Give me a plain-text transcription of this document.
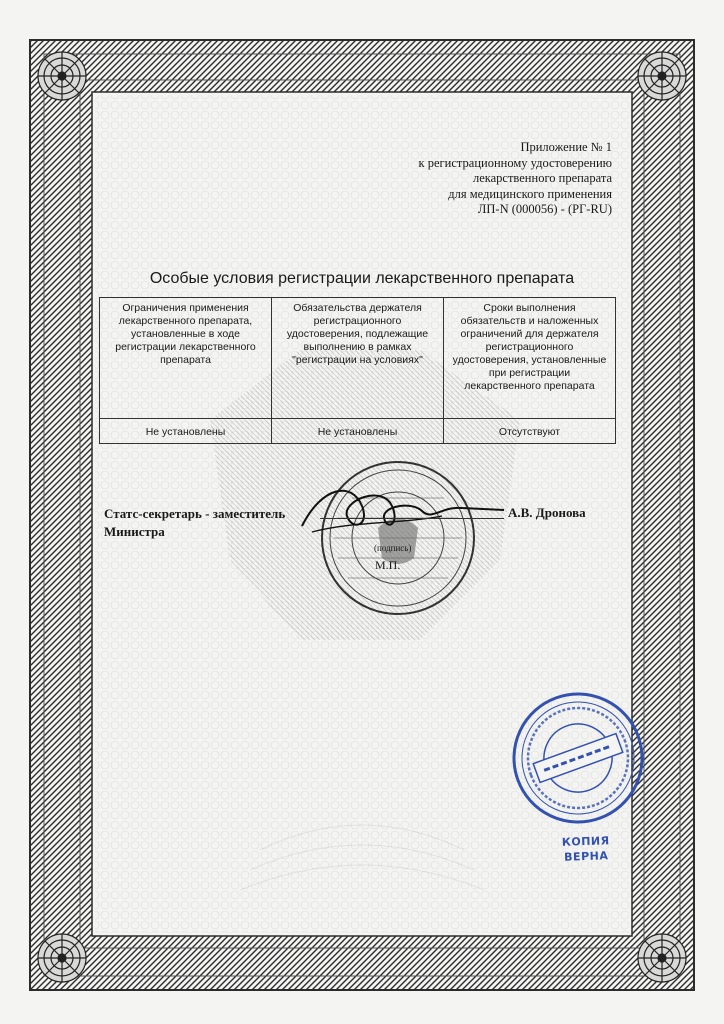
Приложение № 1
к регистрационному удостоверению
лекарственного препарата
для медицинского применения
ЛП-N (000056) - (РГ-RU)
Особые условия регистрации лекарственного препарата
Ограничения применения лекарственного препарата, установленные в ходе регистрации лекарственного препарата	Обязательства держателя регистрационного удостоверения, подлежащие выполнению в рамках "регистрации на условиях"	Сроки выполнения обязательств и наложенных ограничений для держателя регистрационного удостоверения, установленные при регистрации лекарственного препарата
Не установлены	Не установлены	Отсутствуют
Статс-секретарь - заместитель Министра
А.В. Дронова
(подпись)
М.П.
КОПИЯ
ВЕРНА
